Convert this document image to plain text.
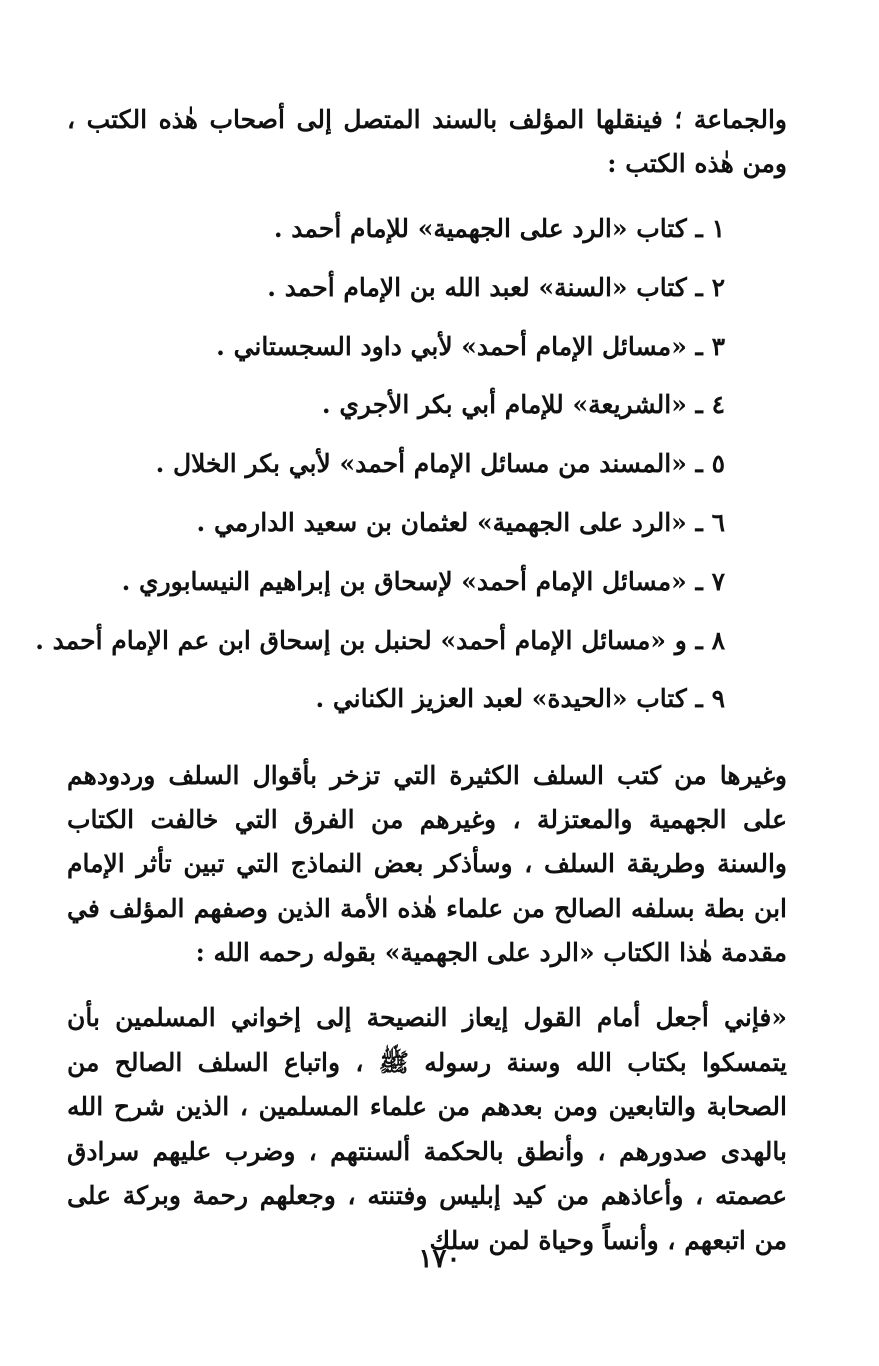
والجماعة ؛ فينقلها المؤلف بالسند المتصل إلى أصحاب هٰذه الكتب ، ومن هٰذه الكتب :

١ ـ كتاب «الرد على الجهمية» للإمام أحمد .
٢ ـ كتاب «السنة» لعبد الله بن الإمام أحمد .
٣ ـ «مسائل الإمام أحمد» لأبي داود السجستاني .
٤ ـ «الشريعة» للإمام أبي بكر الأجري .
٥ ـ «المسند من مسائل الإمام أحمد» لأبي بكر الخلال .
٦ ـ «الرد على الجهمية» لعثمان بن سعيد الدارمي .
٧ ـ «مسائل الإمام أحمد» لإسحاق بن إبراهيم النيسابوري .
٨ ـ و «مسائل الإمام أحمد» لحنبل بن إسحاق ابن عم الإمام أحمد .
٩ ـ كتاب «الحيدة» لعبد العزيز الكناني .

وغيرها من كتب السلف الكثيرة التي تزخر بأقوال السلف وردودهم على الجهمية والمعتزلة ، وغيرهم من الفرق التي خالفت الكتاب والسنة وطريقة السلف ، وسأذكر بعض النماذج التي تبين تأثر الإمام ابن بطة بسلفه الصالح من علماء هٰذه الأمة الذين وصفهم المؤلف في مقدمة هٰذا الكتاب «الرد على الجهمية» بقوله رحمه الله :

«فإني أجعل أمام القول إيعاز النصيحة إلى إخواني المسلمين بأن يتمسكوا بكتاب الله وسنة رسوله ﷺ ، واتباع السلف الصالح من الصحابة والتابعين ومن بعدهم من علماء المسلمين ، الذين شرح الله بالهدى صدورهم ، وأنطق بالحكمة ألسنتهم ، وضرب عليهم سرادق عصمته ، وأعاذهم من كيد إبليس وفتنته ، وجعلهم رحمة وبركة على من اتبعهم ، وأنساً وحياة لمن سلك

١٧٠
